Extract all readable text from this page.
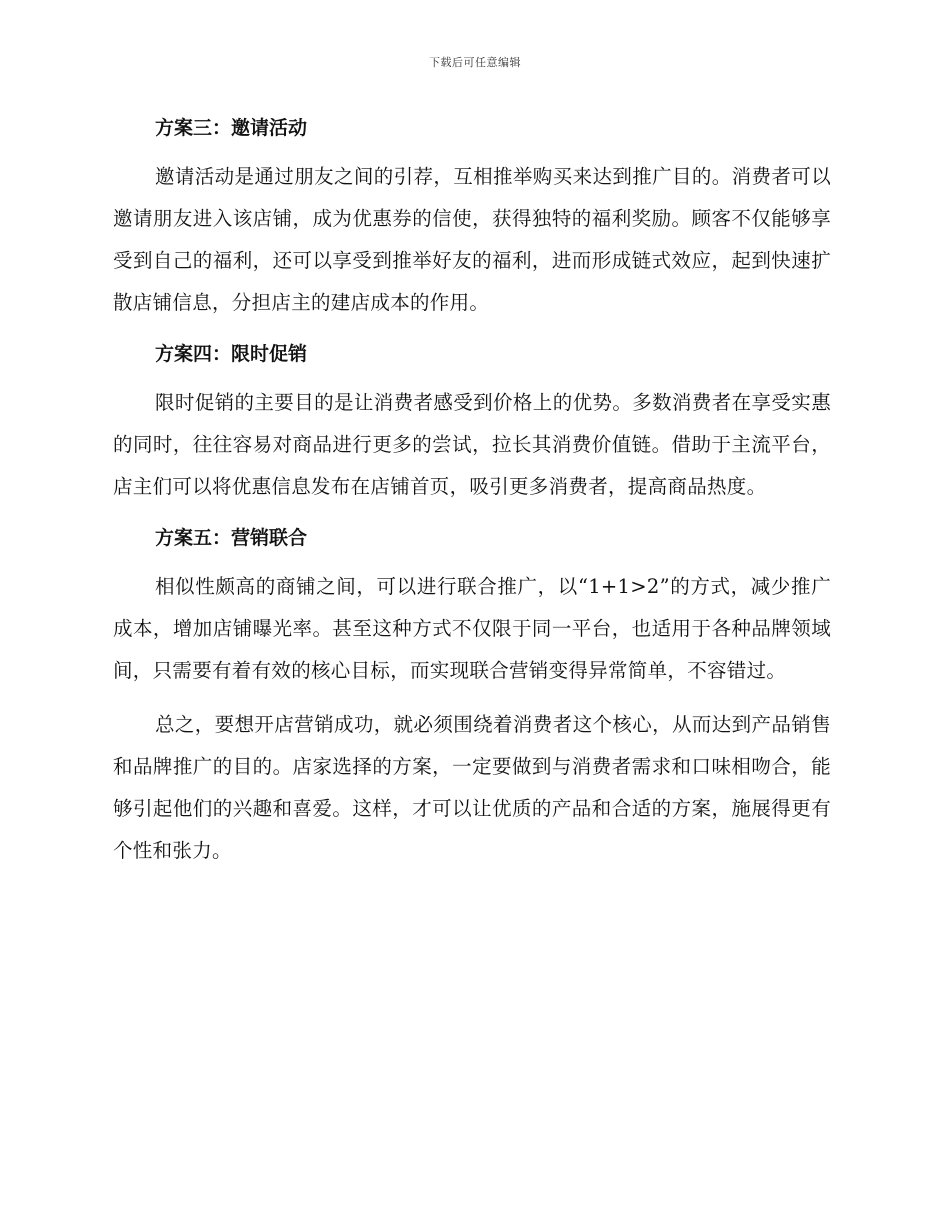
下载后可任意编辑
方案三：邀请活动

邀请活动是通过朋友之间的引荐，互相推举购买来达到推广目的。消费者可以邀请朋友进入该店铺，成为优惠券的信使，获得独特的福利奖励。顾客不仅能够享受到自己的福利，还可以享受到推举好友的福利，进而形成链式效应，起到快速扩散店铺信息，分担店主的建店成本的作用。

方案四：限时促销

限时促销的主要目的是让消费者感受到价格上的优势。多数消费者在享受实惠的同时，往往容易对商品进行更多的尝试，拉长其消费价值链。借助于主流平台，店主们可以将优惠信息发布在店铺首页，吸引更多消费者，提高商品热度。

方案五：营销联合

相似性颇高的商铺之间，可以进行联合推广，以“1+1>2”的方式，减少推广成本，增加店铺曝光率。甚至这种方式不仅限于同一平台，也适用于各种品牌领域间，只需要有着有效的核心目标，而实现联合营销变得异常简单，不容错过。

总之，要想开店营销成功，就必须围绕着消费者这个核心，从而达到产品销售和品牌推广的目的。店家选择的方案，一定要做到与消费者需求和口味相吻合，能够引起他们的兴趣和喜爱。这样，才可以让优质的产品和合适的方案，施展得更有个性和张力。
